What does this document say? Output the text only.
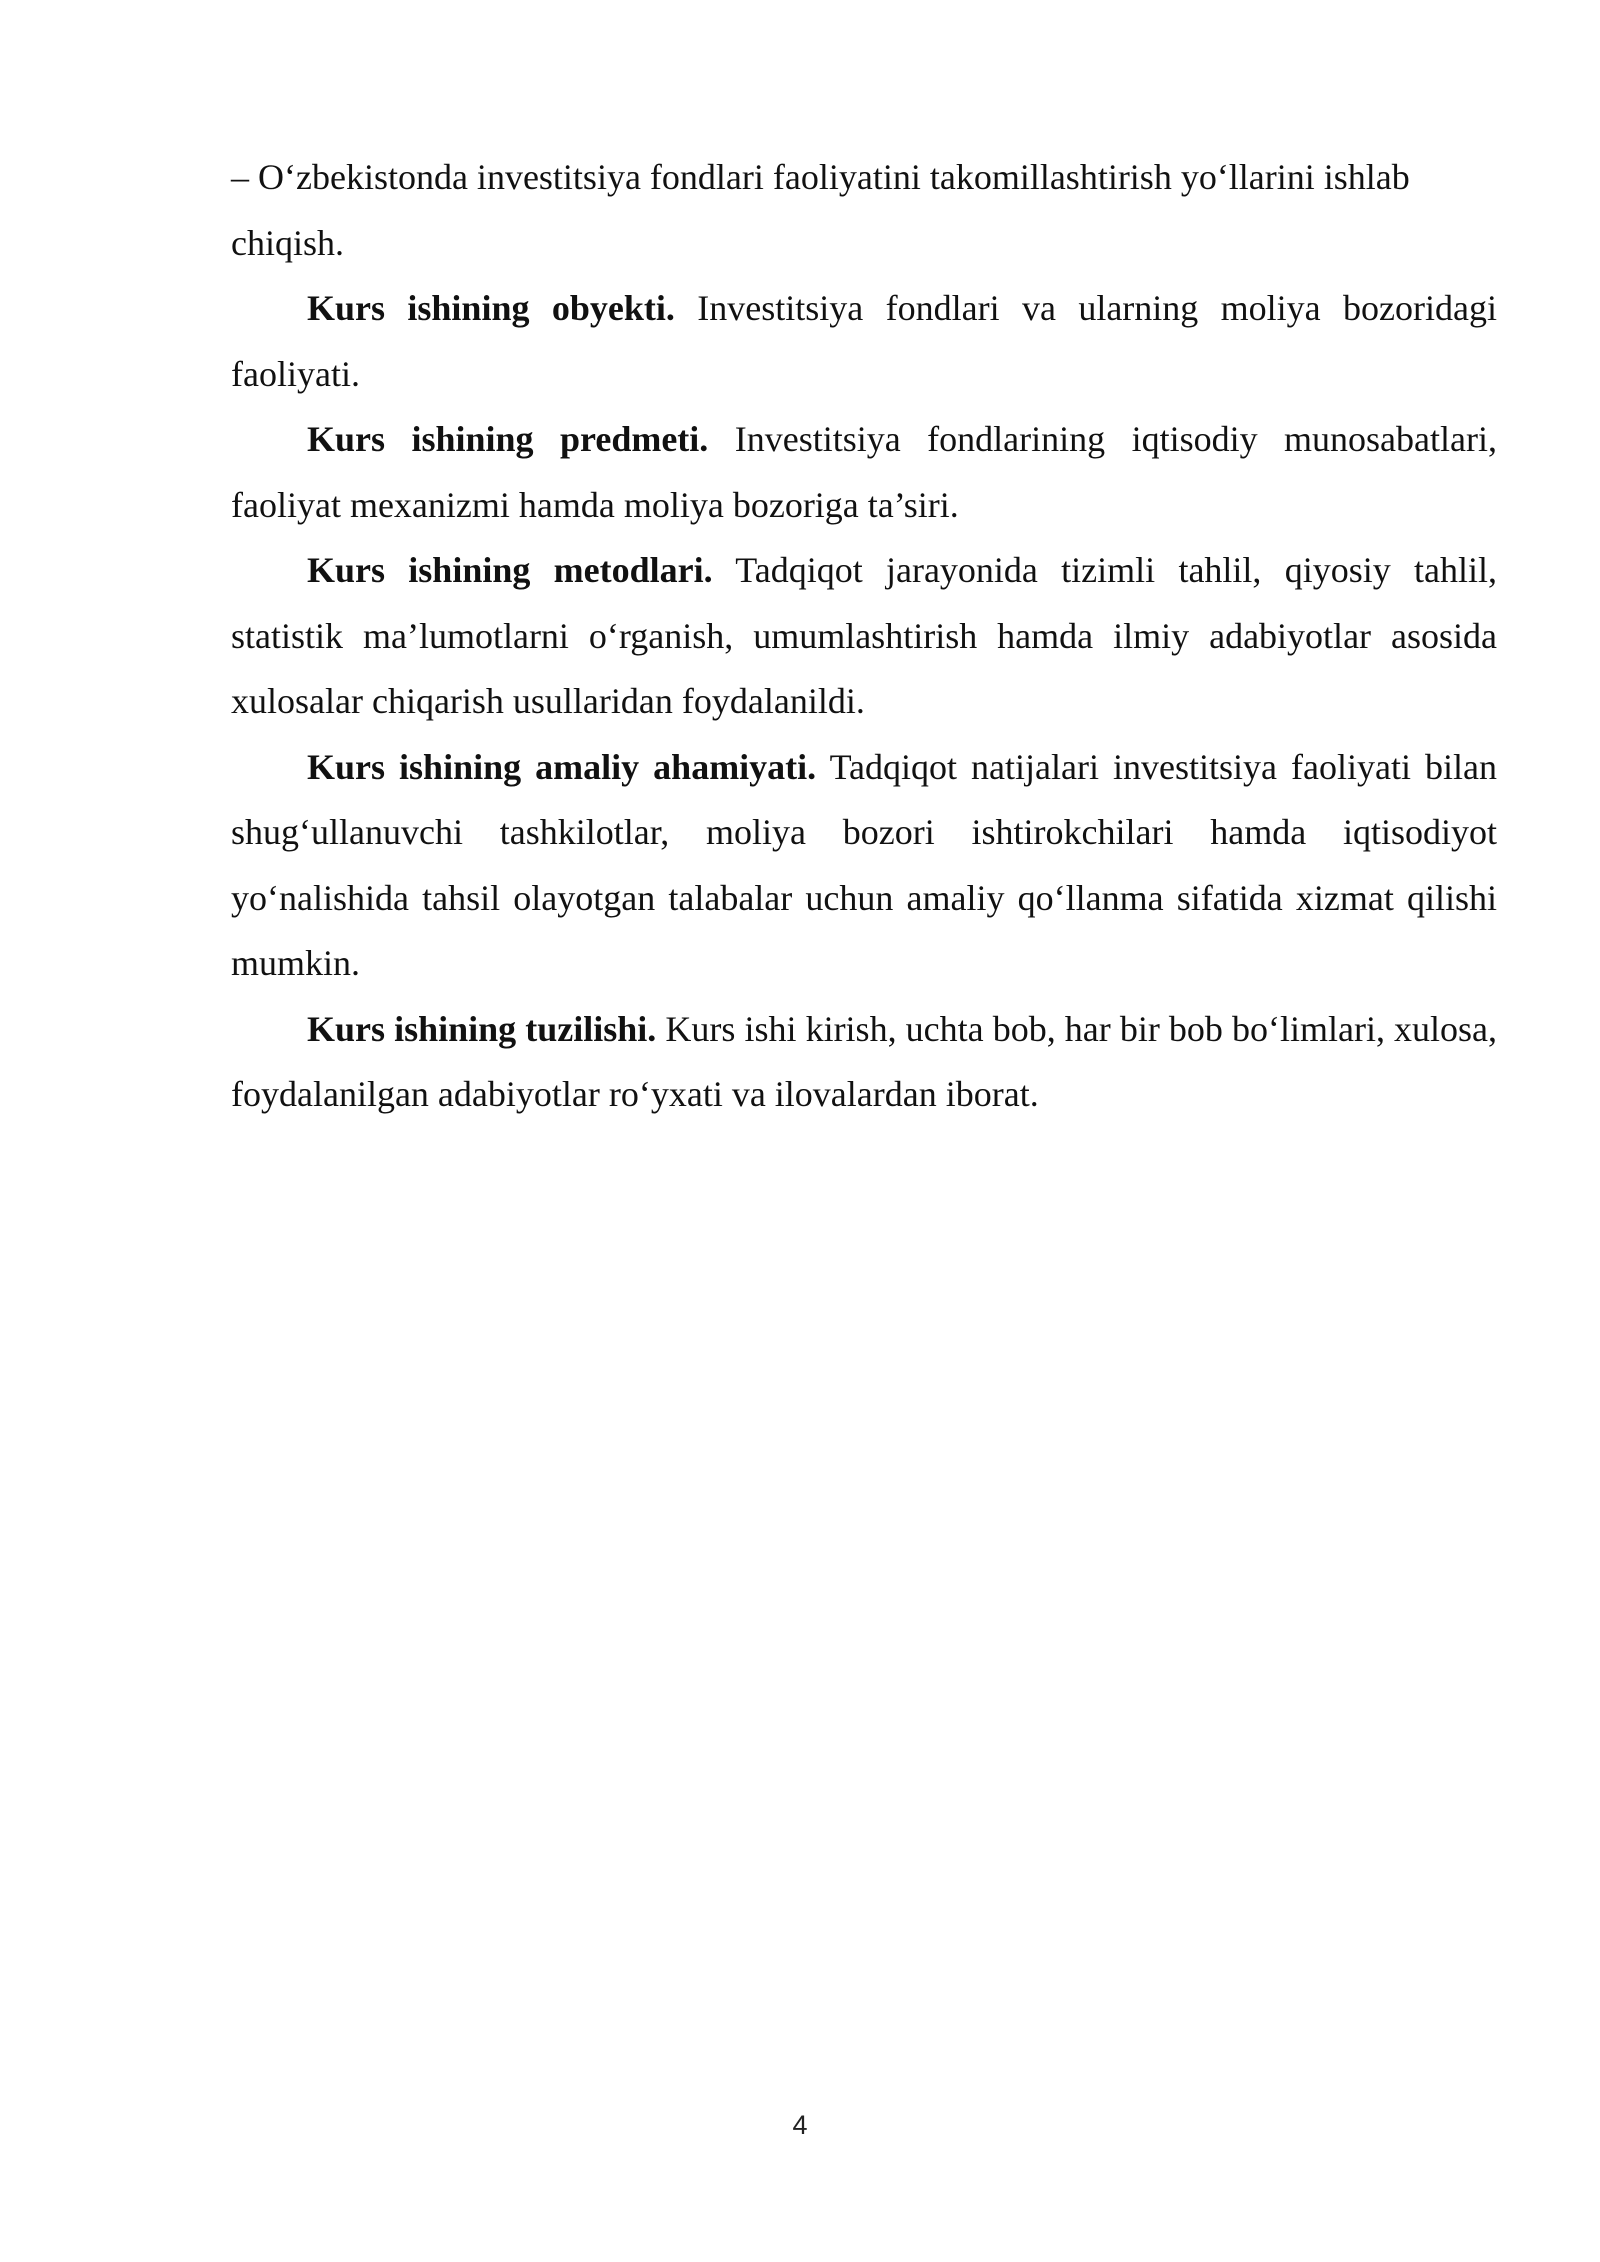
– O‘zbekistonda investitsiya fondlari faoliyatini takomillashtirish yo‘llarini ishlab chiqish.

Kurs ishining obyekti. Investitsiya fondlari va ularning moliya bozoridagi faoliyati.

Kurs ishining predmeti. Investitsiya fondlarining iqtisodiy munosabatlari, faoliyat mexanizmi hamda moliya bozoriga ta’siri.

Kurs ishining metodlari. Tadqiqot jarayonida tizimli tahlil, qiyosiy tahlil, statistik ma’lumotlarni o‘rganish, umumlashtirish hamda ilmiy adabiyotlar asosida xulosalar chiqarish usullaridan foydalanildi.

Kurs ishining amaliy ahamiyati. Tadqiqot natijalari investitsiya faoliyati bilan shug‘ullanuvchi tashkilotlar, moliya bozori ishtirokchilari hamda iqtisodiyot yo‘nalishida tahsil olayotgan talabalar uchun amaliy qo‘llanma sifatida xizmat qilishi mumkin.

Kurs ishining tuzilishi. Kurs ishi kirish, uchta bob, har bir bob bo‘limlari, xulosa, foydalanilgan adabiyotlar ro‘yxati va ilovalardan iborat.

4
